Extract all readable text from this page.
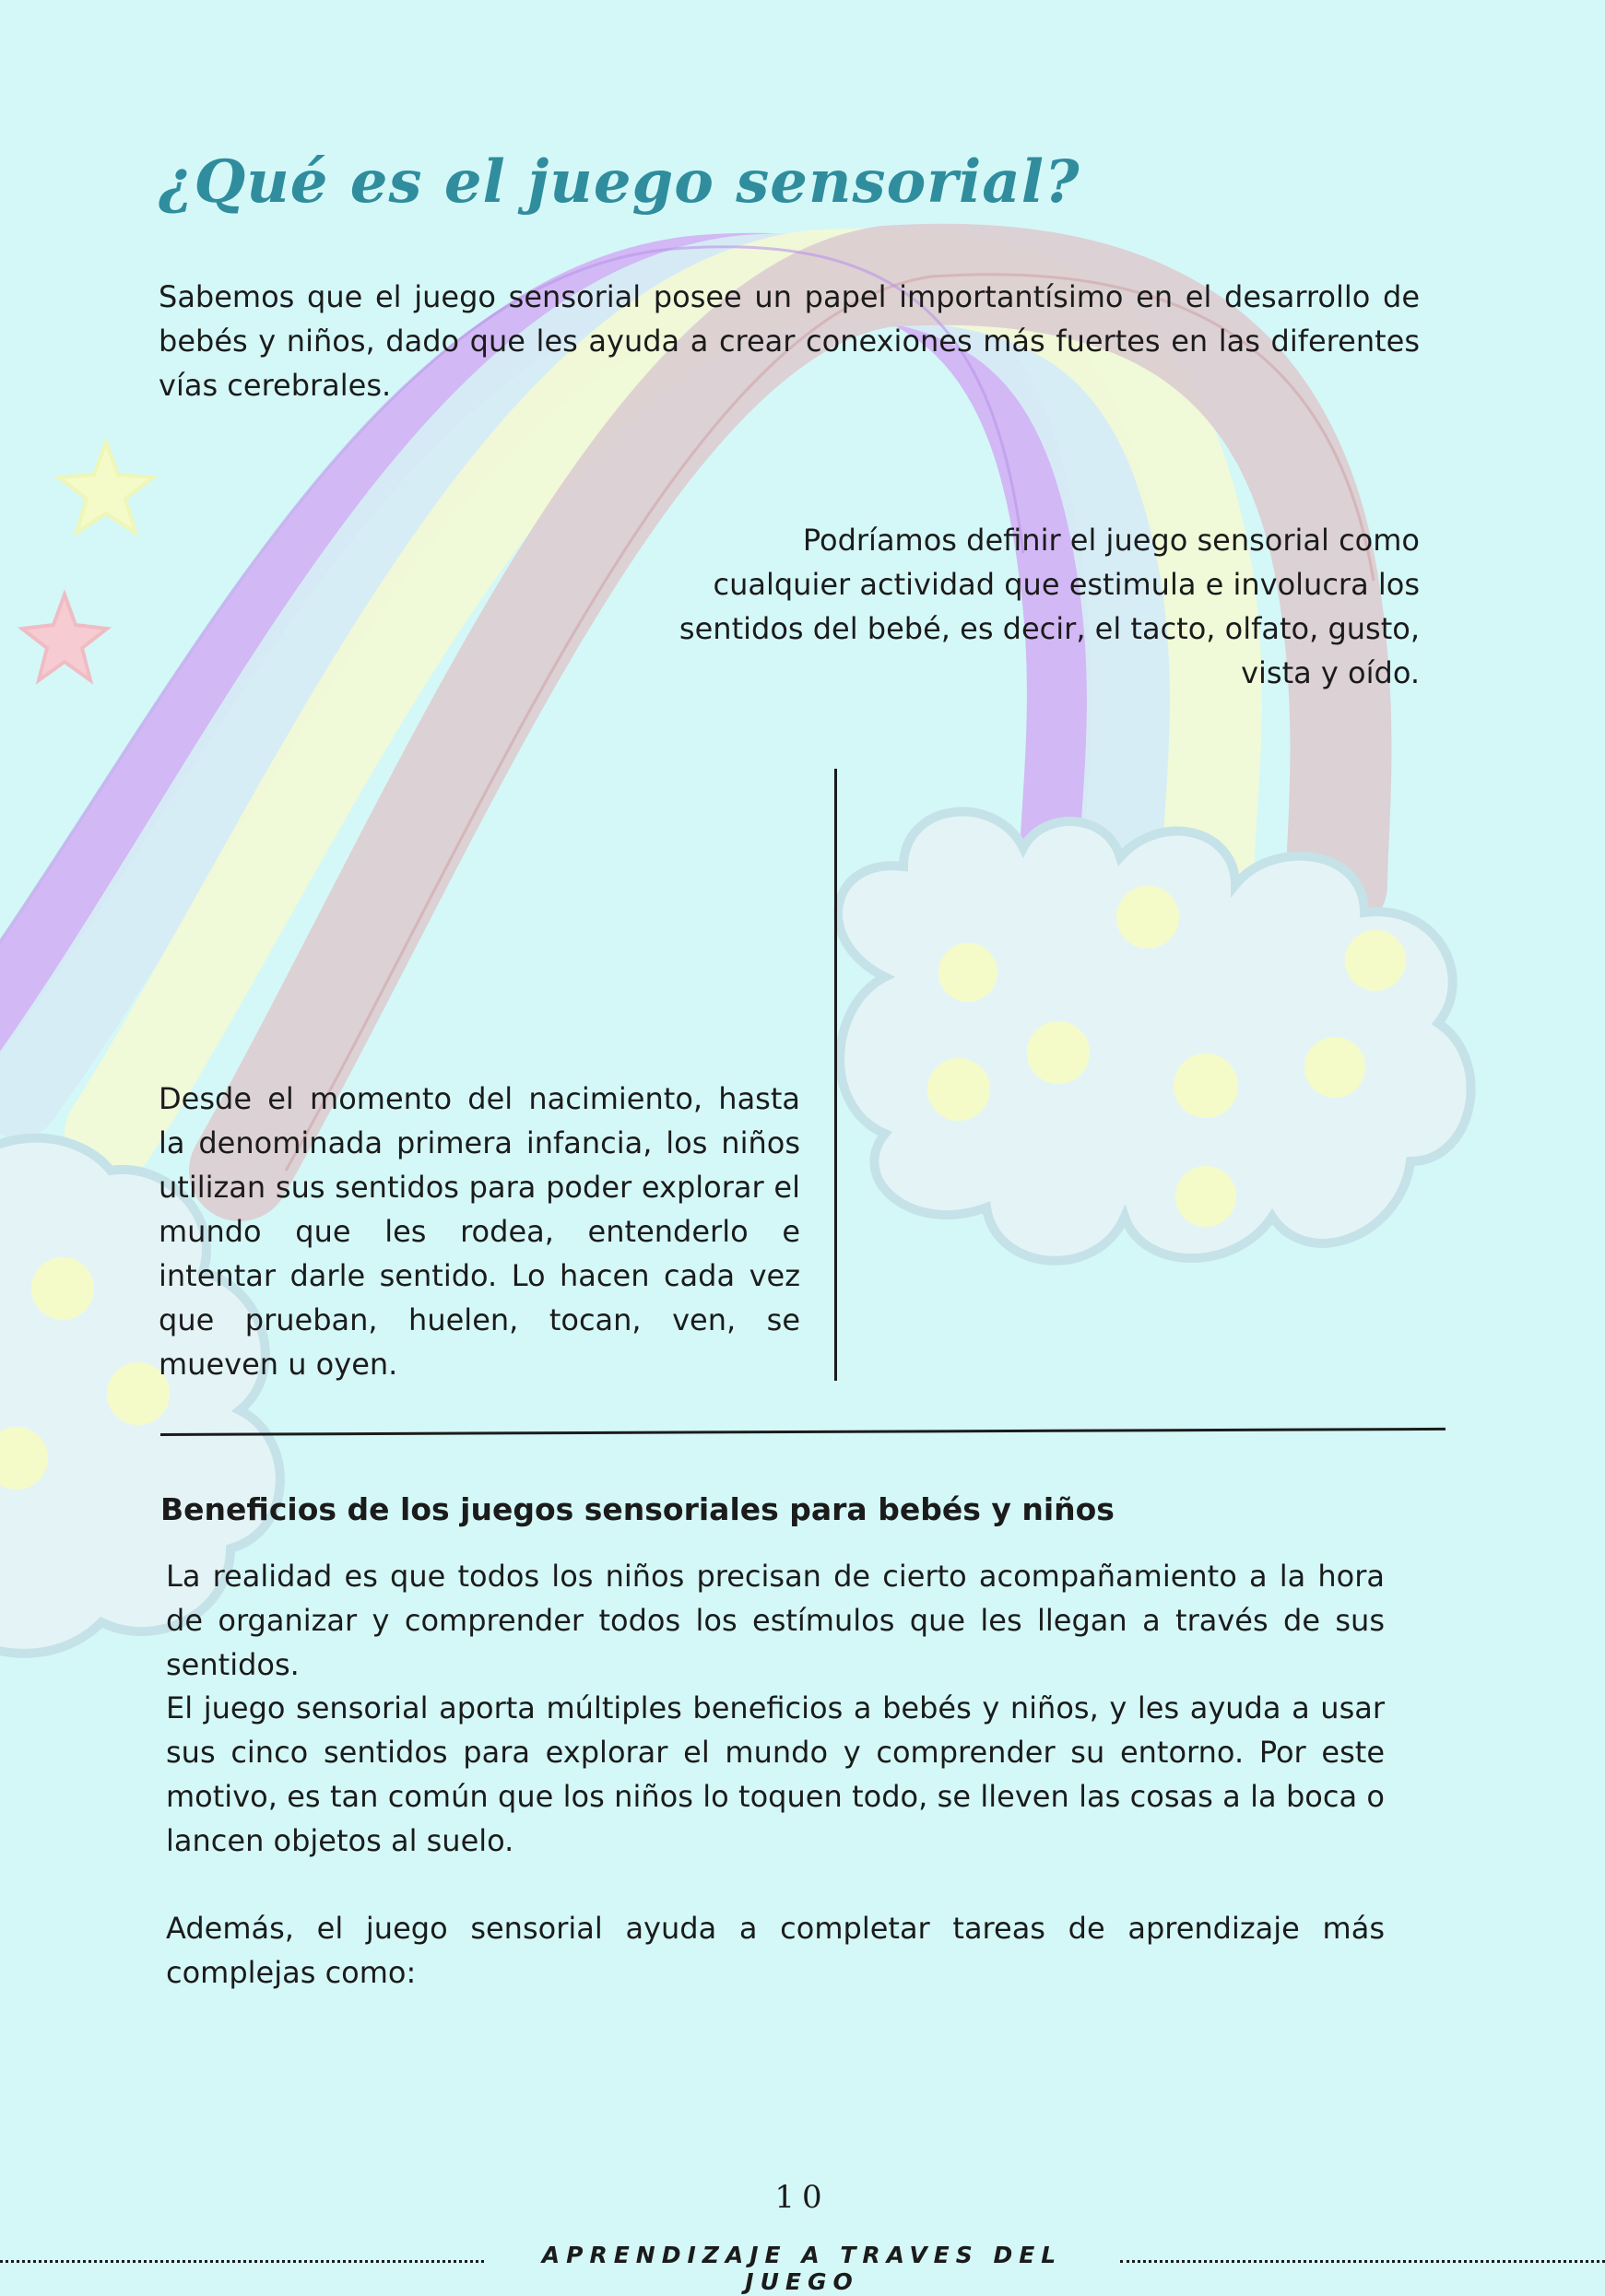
¿Qué es el juego sensorial?

Sabemos que el juego sensorial posee un papel importantísimo en el desarrollo de bebés y niños, dado que les ayuda a crear conexiones más fuertes en las diferentes vías cerebrales.

Podríamos definir el juego sensorial como cualquier actividad que estimula e involucra los sentidos del bebé, es decir, el tacto, olfato, gusto, vista y oído.

Desde el momento del nacimiento, hasta la denominada primera infancia, los niños utilizan sus sentidos para poder explorar el mundo que les rodea, entenderlo e intentar darle sentido. Lo hacen cada vez que prueban, huelen, tocan, ven, se mueven u oyen.

Beneficios de los juegos sensoriales para bebés y niños

La realidad es que todos los niños precisan de cierto acompañamiento a la hora de organizar y comprender todos los estímulos que les llegan a través de sus sentidos.

El juego sensorial aporta múltiples beneficios a bebés y niños, y les ayuda a usar sus cinco sentidos para explorar el mundo y comprender su entorno. Por este motivo, es tan común que los niños lo toquen todo, se lleven las cosas a la boca o lancen objetos al suelo.

Además, el juego sensorial ayuda a completar tareas de aprendizaje más complejas como:

10
APRENDIZAJE A TRAVES DEL JUEGO
